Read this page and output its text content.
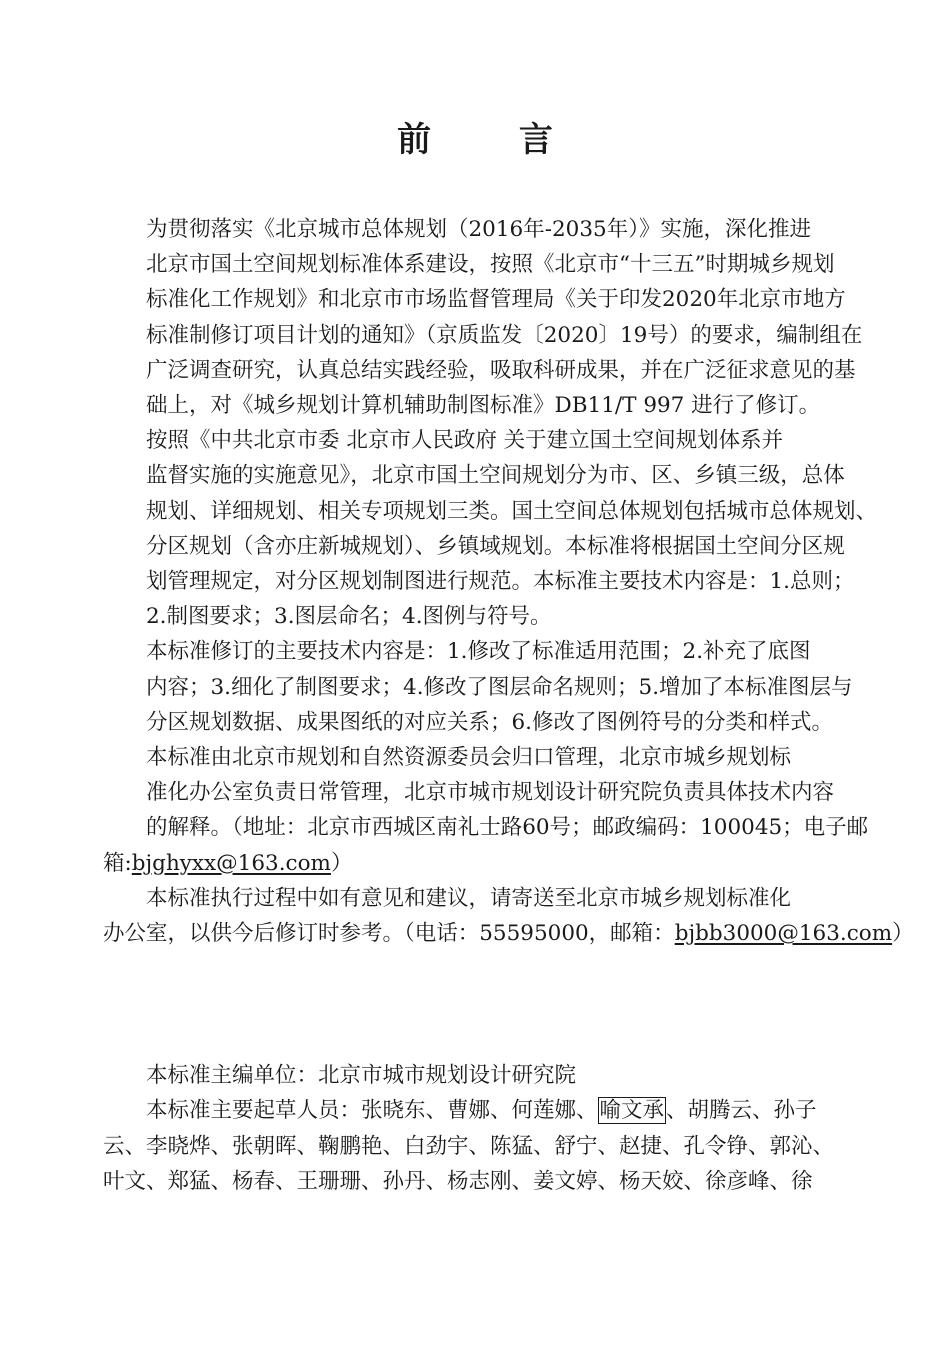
前 言

为贯彻落实《北京城市总体规划（2016年-2035年）》实施，深化推进
北京市国土空间规划标准体系建设，按照《北京市“十三五”时期城乡规划
标准化工作规划》和北京市市场监督管理局《关于印发2020年北京市地方
标准制修订项目计划的通知》（京质监发〔2020〕19号）的要求，编制组在
广泛调查研究，认真总结实践经验，吸取科研成果，并在广泛征求意见的基
础上，对《城乡规划计算机辅助制图标准》DB11/T 997 进行了修订。

按照《中共北京市委 北京市人民政府 关于建立国土空间规划体系并
监督实施的实施意见》，北京市国土空间规划分为市、区、乡镇三级，总体
规划、详细规划、相关专项规划三类。国土空间总体规划包括城市总体规划、
分区规划（含亦庄新城规划）、乡镇域规划。本标准将根据国土空间分区规
划管理规定，对分区规划制图进行规范。本标准主要技术内容是：1.总则；
2.制图要求；3.图层命名；4.图例与符号。

本标准修订的主要技术内容是：1.修改了标准适用范围；2.补充了底图
内容；3.细化了制图要求；4.修改了图层命名规则；5.增加了本标准图层与
分区规划数据、成果图纸的对应关系；6.修改了图例符号的分类和样式。

本标准由北京市规划和自然资源委员会归口管理，北京市城乡规划标
准化办公室负责日常管理，北京市城市规划设计研究院负责具体技术内容
的解释。（地址：北京市西城区南礼士路60号；邮政编码：100045；电子邮
箱:bjghyxx@163.com）

本标准执行过程中如有意见和建议，请寄送至北京市城乡规划标准化
办公室，以供今后修订时参考。（电话：55595000，邮箱：bjbb3000@163.com）

本标准主编单位：北京市城市规划设计研究院

本标准主要起草人员：张晓东、曹娜、何莲娜、喻文承、胡腾云、孙子
云、李晓烨、张朝晖、鞠鹏艳、白劲宇、陈猛、舒宁、赵捷、孔令铮、郭沁、
叶文、郑猛、杨春、王珊珊、孙丹、杨志刚、姜文婷、杨天姣、徐彦峰、徐
